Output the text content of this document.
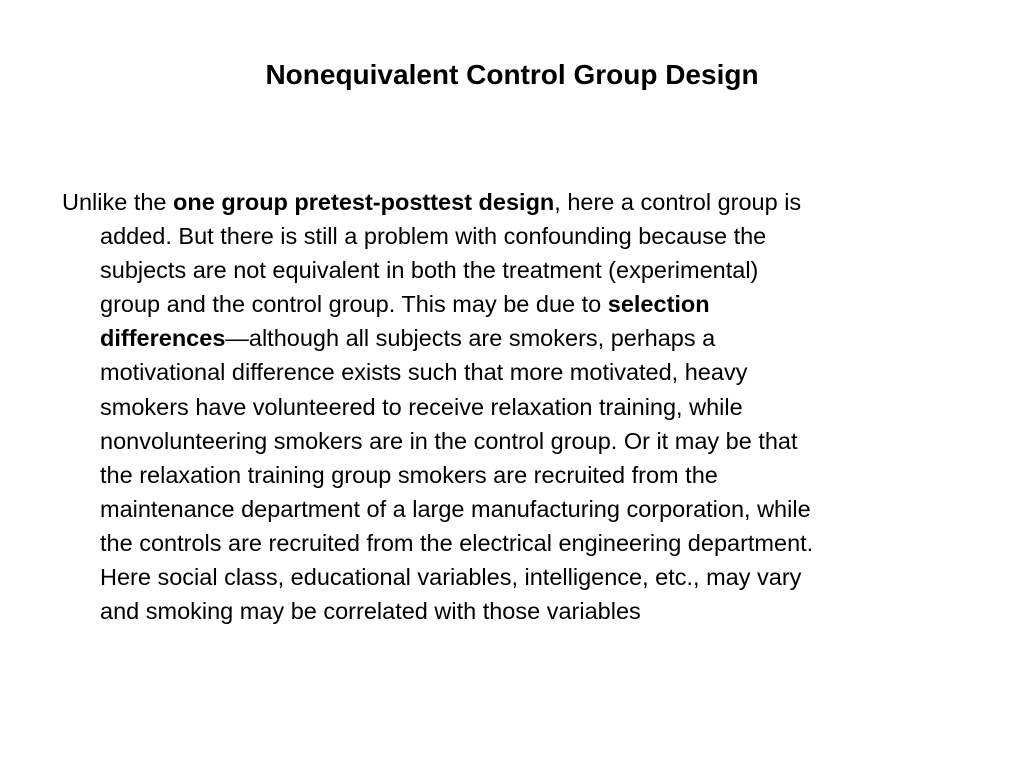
Nonequivalent Control Group Design

Unlike the one group pretest-posttest design, here a control group is
added. But there is still a problem with confounding because the
subjects are not equivalent in both the treatment (experimental)
group and the control group. This may be due to selection
differences—although all subjects are smokers, perhaps a
motivational difference exists such that more motivated, heavy
smokers have volunteered to receive relaxation training, while
nonvolunteering smokers are in the control group. Or it may be that
the relaxation training group smokers are recruited from the
maintenance department of a large manufacturing corporation, while
the controls are recruited from the electrical engineering department.
Here social class, educational variables, intelligence, etc., may vary
and smoking may be correlated with those variables
